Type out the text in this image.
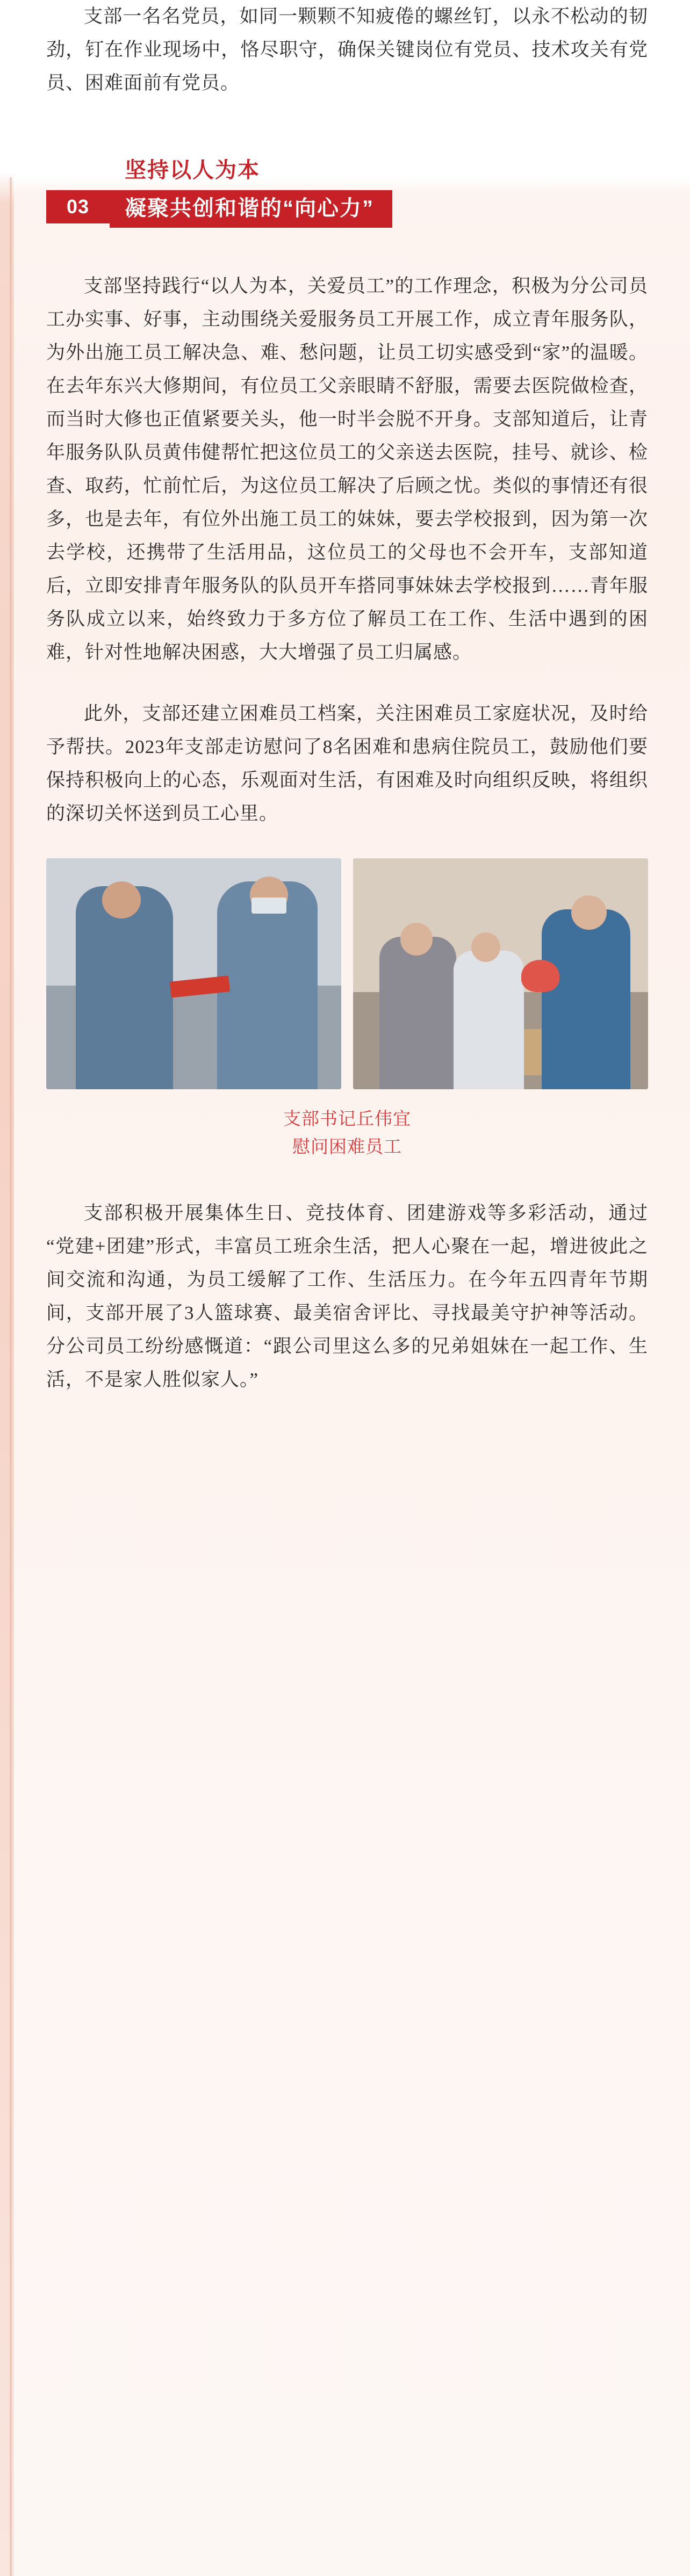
支部一名名党员，如同一颗颗不知疲倦的螺丝钉，以永不松动的韧劲，钉在作业现场中，恪尽职守，确保关键岗位有党员、技术攻关有党员、困难面前有党员。

03
坚持以人为本
凝聚共创和谐的“向心力”

支部坚持践行“以人为本，关爱员工”的工作理念，积极为分公司员工办实事、好事，主动围绕关爱服务员工开展工作，成立青年服务队，为外出施工员工解决急、难、愁问题，让员工切实感受到“家”的温暖。在去年东兴大修期间，有位员工父亲眼睛不舒服，需要去医院做检查，而当时大修也正值紧要关头，他一时半会脱不开身。支部知道后，让青年服务队队员黄伟健帮忙把这位员工的父亲送去医院，挂号、就诊、检查、取药，忙前忙后，为这位员工解决了后顾之忧。类似的事情还有很多，也是去年，有位外出施工员工的妹妹，要去学校报到，因为第一次去学校，还携带了生活用品，这位员工的父母也不会开车，支部知道后，立即安排青年服务队的队员开车搭同事妹妹去学校报到……青年服务队成立以来，始终致力于多方位了解员工在工作、生活中遇到的困难，针对性地解决困惑，大大增强了员工归属感。

此外，支部还建立困难员工档案，关注困难员工家庭状况，及时给予帮扶。2023年支部走访慰问了8名困难和患病住院员工，鼓励他们要保持积极向上的心态，乐观面对生活，有困难及时向组织反映，将组织的深切关怀送到员工心里。

支部书记丘伟宜
慰问困难员工

支部积极开展集体生日、竞技体育、团建游戏等多彩活动，通过“党建+团建”形式，丰富员工班余生活，把人心聚在一起，增进彼此之间交流和沟通，为员工缓解了工作、生活压力。在今年五四青年节期间，支部开展了3人篮球赛、最美宿舍评比、寻找最美守护神等活动。分公司员工纷纷感慨道：“跟公司里这么多的兄弟姐妹在一起工作、生活，不是家人胜似家人。”
